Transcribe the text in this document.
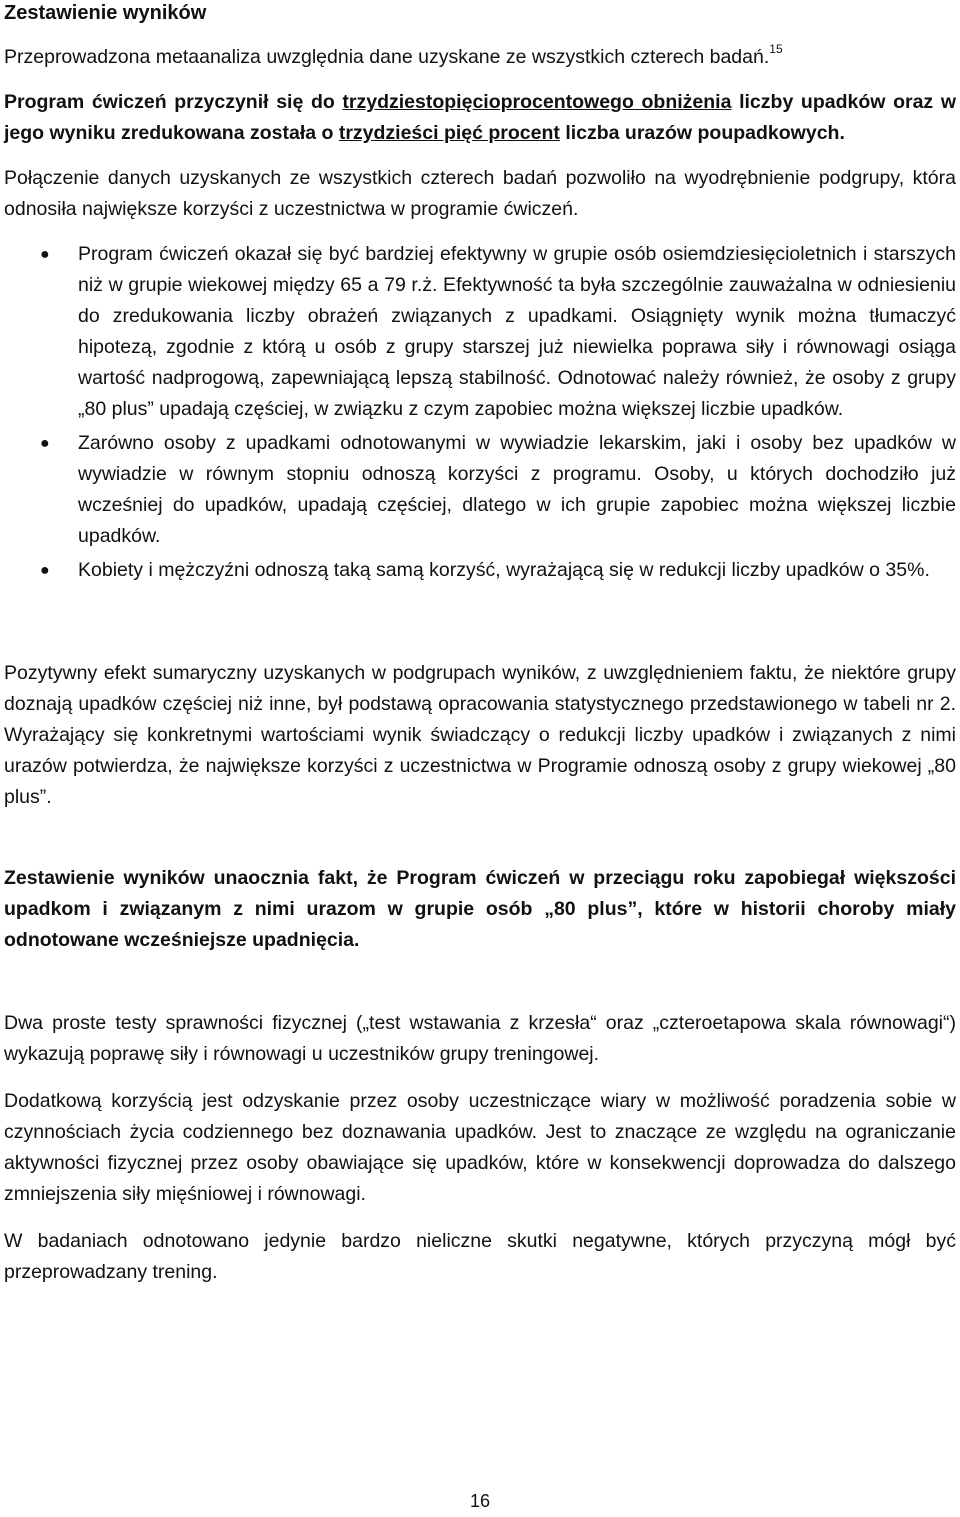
Zestawienie wyników

Przeprowadzona metaanaliza uwzględnia dane uzyskane ze wszystkich czterech badań.$^{15}$

Program ćwiczeń przyczynił się do trzydziestopięcioprocentowego obniżenia liczby upadków oraz w jego wyniku zredukowana została o trzydzieści pięć procent liczba urazów poupadkowych.

Połączenie danych uzyskanych ze wszystkich czterech badań pozwoliło na wyodrębnienie podgrupy, która odnosiła największe korzyści z uczestnictwa w programie ćwiczeń.

● Program ćwiczeń okazał się być bardziej efektywny w grupie osób osiemdziesięcioletnich i starszych niż w grupie wiekowej między 65 a 79 r.ż. Efektywność ta była szczególnie zauważalna w odniesieniu do zredukowania liczby obrażeń związanych z upadkami. Osiągnięty wynik można tłumaczyć hipotezą, zgodnie z którą u osób z grupy starszej już niewielka poprawa siły i równowagi osiąga wartość nadprogową, zapewniającą lepszą stabilność. Odnotować należy również, że osoby z grupy „80 plus” upadają częściej, w związku z czym zapobiec można większej liczbie upadków.
● Zarówno osoby z upadkami odnotowanymi w wywiadzie lekarskim, jaki i osoby bez upadków w wywiadzie w równym stopniu odnoszą korzyści z programu. Osoby, u których dochodziło już wcześniej do upadków, upadają częściej, dlatego w ich grupie zapobiec można większej liczbie upadków.
● Kobiety i mężczyźni odnoszą taką samą korzyść, wyrażającą się w redukcji liczby upadków o 35%.

Pozytywny efekt sumaryczny uzyskanych w podgrupach wyników, z uwzględnieniem faktu, że niektóre grupy doznają upadków częściej niż inne, był podstawą opracowania statystycznego przedstawionego w tabeli nr 2. Wyrażający się konkretnymi wartościami wynik świadczący o redukcji liczby upadków i związanych z nimi urazów potwierdza, że największe korzyści z uczestnictwa w Programie odnoszą osoby z grupy wiekowej „80 plus”.

Zestawienie wyników unaocznia fakt, że Program ćwiczeń w przeciągu roku zapobiegał większości upadkom i związanym z nimi urazom w grupie osób „80 plus”, które w historii choroby miały odnotowane wcześniejsze upadnięcia.

Dwa proste testy sprawności fizycznej („test wstawania z krzesła“ oraz „czteroetapowa skala równowagi“) wykazują poprawę siły i równowagi u uczestników grupy treningowej.

Dodatkową korzyścią jest odzyskanie przez osoby uczestniczące wiary w możliwość poradzenia sobie w czynnościach życia codziennego bez doznawania upadków. Jest to znaczące ze względu na ograniczanie aktywności fizycznej przez osoby obawiające się upadków, które w konsekwencji doprowadza do dalszego zmniejszenia siły mięśniowej i równowagi.

W badaniach odnotowano jedynie bardzo nieliczne skutki negatywne, których przyczyną mógł być przeprowadzany trening.

16
